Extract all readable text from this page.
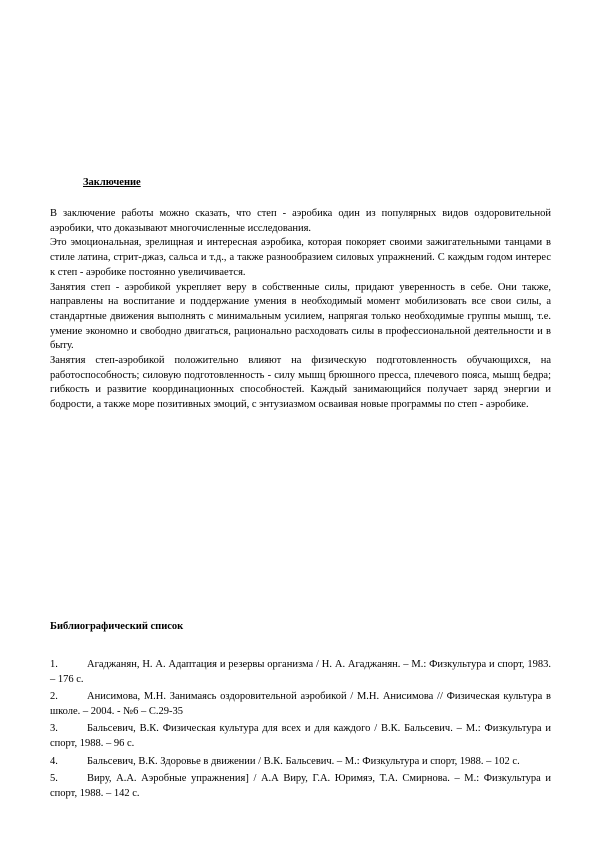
Заключение

В заключение работы можно сказать, что степ - аэробика один из популярных видов оздоровительной аэробики, что доказывают многочисленные исследования.

Это эмоциональная, зрелищная и интересная аэробика, которая покоряет своими зажигательными танцами в стиле латина, стрит-джаз, сальса и т.д., а также разнообразием силовых упражнений. С каждым годом интерес к степ - аэробике постоянно увеличивается.

Занятия степ - аэробикой укрепляет веру в собственные силы, придают уверенность в себе. Они также, направлены на воспитание и поддержание умения в необходимый момент мобилизовать все свои силы, а стандартные движения выполнять с минимальным усилием, напрягая только необходимые группы мышц, т.е. умение экономно и свободно двигаться, рационально расходовать силы в профессиональной деятельности и в быту.

Занятия степ-аэробикой положительно влияют на физическую подготовленность обучающихся, на работоспособность; силовую подготовленность - силу мышц брюшного пресса, плечевого пояса, мышц бедра; гибкость и развитие координационных способностей. Каждый занимающийся получает заряд энергии и бодрости, а также море позитивных эмоций, с энтузиазмом осваивая новые программы по степ - аэробике.

Библиографический список
1.	Агаджанян, Н. А. Адаптация и резервы организма / Н. А. Агаджанян. – М.: Физкультура и спорт, 1983. – 176 с.
2.	Анисимова, М.Н. Занимаясь оздоровительной аэробикой / М.Н. Анисимова // Физическая культура в школе. – 2004. - №6 – С.29-35
3.	Бальсевич, В.К. Физическая культура для всех и для каждого / В.К. Бальсевич. – М.: Физкультура и спорт, 1988. – 96 с.
4.	Бальсевич, В.К. Здоровье в движении / В.К. Бальсевич. – М.: Физкультура и спорт, 1988. – 102 с.
5.	Виру, А.А. Аэробные упражнения] / А.А Виру, Г.А. Юримяэ, Т.А. Смирнова. – М.: Физкультура и спорт, 1988. – 142 с.
